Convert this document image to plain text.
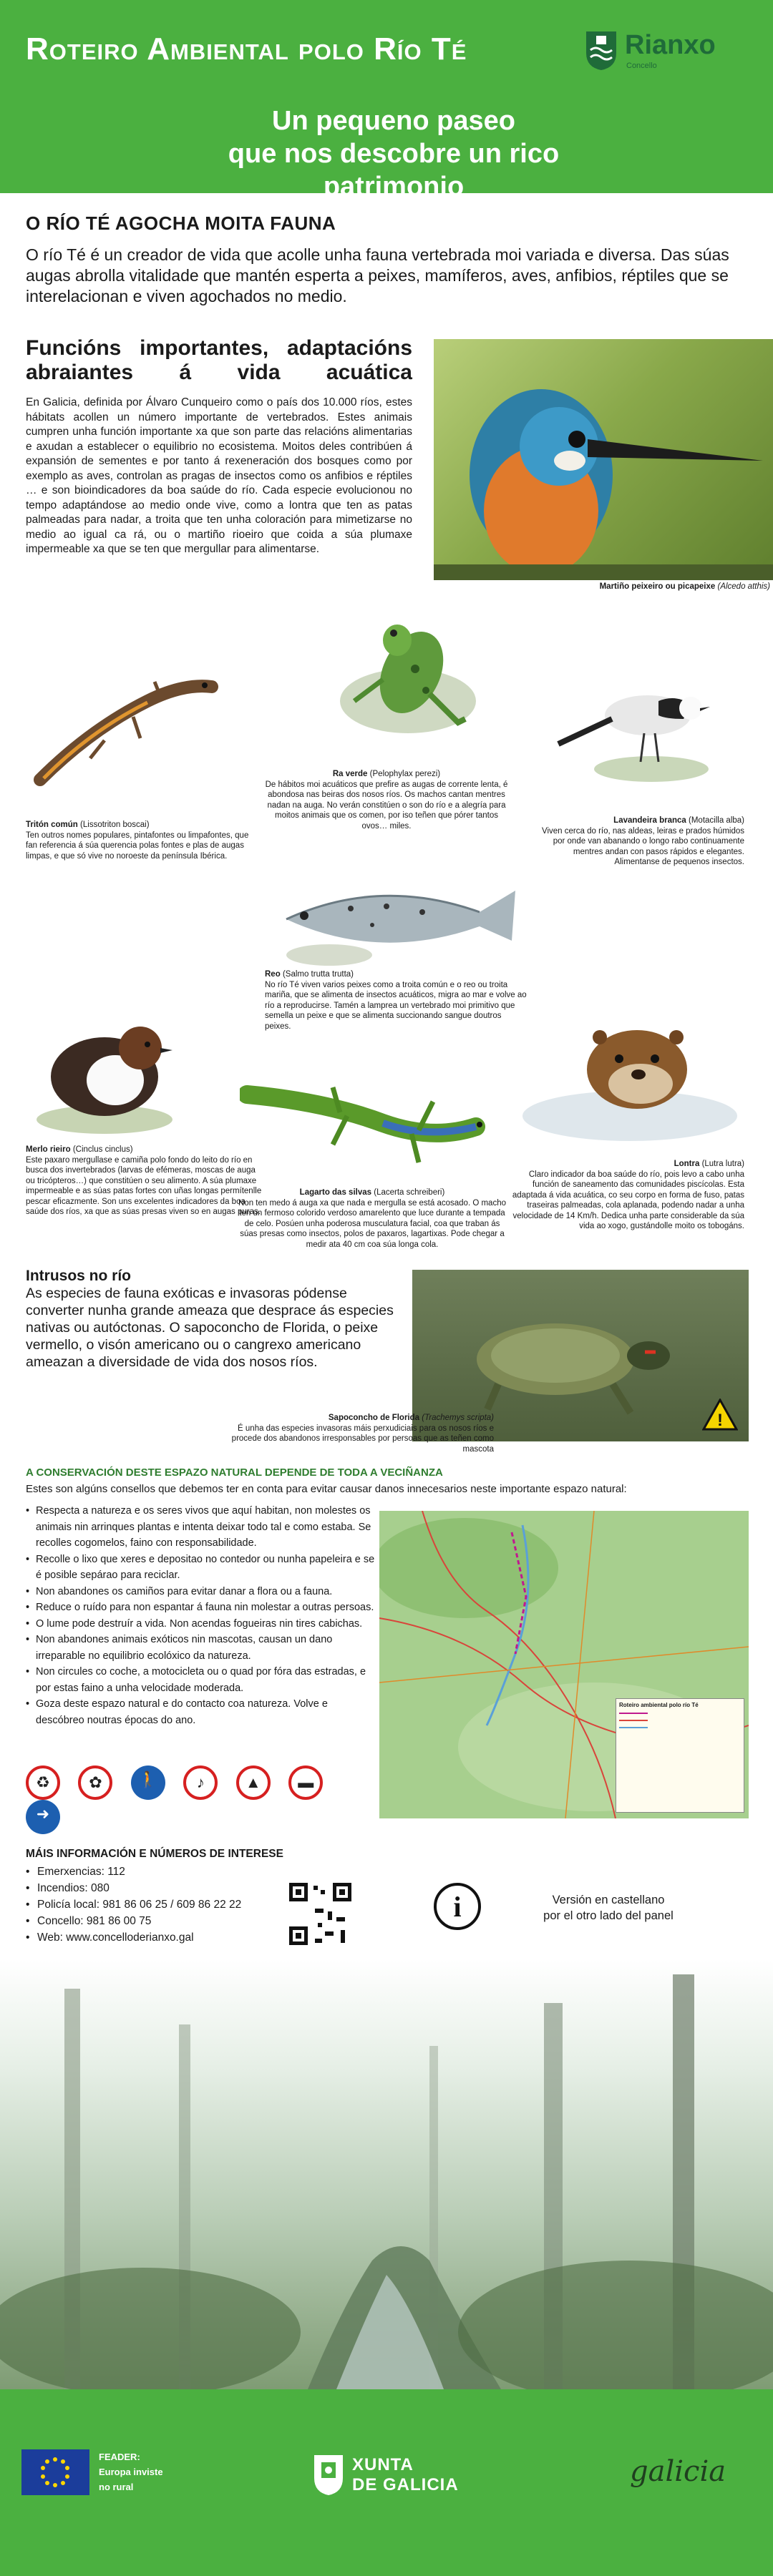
Roteiro Ambiental polo Río Té	Rianxo
Concello
Un pequeno paseo
que nos descobre un rico patrimonio
O RÍO TÉ AGOCHA MOITA FAUNA
O río Té é un creador de vida que acolle unha fauna vertebrada moi variada e diversa. Das súas augas abrolla vitalidade que mantén esperta a peixes, mamíferos, aves, anfibios, réptiles que se interelacionan e viven agochados no medio.
Funcións importantes, adaptacións abraiantes á vida acuática
En Galicia, definida por Álvaro Cunqueiro como o país dos 10.000 ríos, estes hábitats acollen un número importante de vertebrados. Estes animais cumpren unha función importante xa que son parte das relacións alimentarias e axudan a establecer o equilibrio no ecosistema. Moitos deles contribúen á expansión de sementes e por tanto á rexeneración dos bosques como por exemplo as aves, controlan as pragas de insectos como os anfibios e réptiles … e son bioindicadores da boa saúde do río. Cada especie evolucionou no tempo adaptándose ao medio onde vive, como a lontra que ten as patas palmeadas para nadar, a troita que ten unha coloración para mimetizarse no medio ao igual ca rá, ou o martiño rioeiro que coida a súa plumaxe impermeable xa que se ten que mergullar para alimentarse.
Martiño peixeiro ou picapeixe (Alcedo atthis)
Ra verde (Pelophylax perezi)
De hábitos moi acuáticos que prefire as augas de corrente lenta, é abondosa nas beiras dos nosos ríos. Os machos cantan mentres nadan na auga. No verán constitúen o son do río e a alegría para moitos animais que os comen, por iso teñen que pórer tantos ovos… miles.
Tritón común (Lissotriton boscai)
Ten outros nomes populares, pintafontes ou limpafontes, que fan referencia á súa querencia polas fontes e plas de augas limpas, e que só vive no noroeste da península Ibérica.
Lavandeira branca (Motacilla alba)
Viven cerca do río, nas aldeas, leiras e prados húmidos por onde van abanando o longo rabo continuamente mentres andan con pasos rápidos e elegantes. Alimentanse de pequenos insectos.
Reo (Salmo trutta trutta)
No río Té viven varios peixes como a troita común e o reo ou troita mariña, que se alimenta de insectos acuáticos, migra ao mar e volve ao río a reproducirse. Tamén a lamprea un vertebrado moi primitivo que semella un peixe e que se alimenta succionando sangue doutros peixes.
Merlo rieiro (Cinclus cinclus)
Este paxaro mergullase e camiña polo fondo do leito do río en busca dos invertebrados (larvas de efémeras, moscas de auga ou tricópteros…) que constitúen o seu alimento. A súa plumaxe impermeable e as súas patas fortes con uñas longas permítenlle pescar eficazmente. Son uns excelentes indicadores da boa saúde dos ríos, xa que as súas presas viven so en augas puras.
Lontra (Lutra lutra)
Claro indicador da boa saúde do río, pois levo a cabo unha función de saneamento das comunidades piscícolas. Esta adaptada á vida acuática, co seu corpo en forma de fuso, patas traseiras palmeadas, cola aplanada, podendo nadar a unha velocidade de 14 Km/h. Dedica unha parte considerable da súa vida ao xogo, gustándolle moito os tobogáns.
Lagarto das silvas (Lacerta schreiberi)
Non ten medo á auga xa que nada e mergulla se está acosado. O macho ten un fermoso colorido verdoso amarelento que luce durante a tempada de celo. Posúen unha poderosa musculatura facial, coa que traban ás súas presas como insectos, polos de paxaros, lagartixas. Pode chegar a medir ata 40 cm coa súa longa cola.
Intrusos no río
As especies de fauna exóticas e invasoras pódense converter nunha grande ameaza que desprace ás especies nativas ou autóctonas. O sapoconcho de Florida, o peixe vermello, o visón americano ou o cangrexo americano ameazan a diversidade de vida dos nosos ríos.
!
Sapoconcho de Florida (Trachemys scripta)
É unha das especies invasoras máis perxudiciais para os nosos ríos e procede dos abandonos irresponsables por persoas que as teñen como mascota
A CONSERVACIÓN DESTE ESPAZO NATURAL DEPENDE DE TODA A VECIÑANZA
Estes son algúns consellos que debemos ter en conta para evitar causar danos innecesarios neste importante espazo natural:
• Respecta a natureza e os seres vivos que aquí habitan, non molestes os animais nin arrinques plantas e intenta deixar todo tal e como estaba. Se recolles cogomelos, faino con responsabilidade.
• Recolle o lixo que xeres e depositao no contedor ou nunha papeleira e se é posible sepárao para reciclar.
• Non abandones os camiños para evitar danar a flora ou a fauna.
• Reduce o ruído para non espantar á fauna nin molestar a outras persoas.
• O lume pode destruír a vida. Non acendas fogueiras nin tires cabichas.
• Non abandones animais exóticos nin mascotas, causan un dano irreparable no equilibrio ecolóxico da natureza.
• Non circules co coche, a motocicleta ou o quad por fóra das estradas, e por estas faino a unha velocidade moderada.
• Goza deste espazo natural e do contacto coa natureza. Volve e descóbreo noutras épocas do ano.
♻
	✿
	🚶
	♪
	▲
	▬

➜
Roteiro ambiental polo río Té
MÁIS INFORMACIÓN E NÚMEROS DE INTERESE
• Emerxencias: 112
• Incendios: 080
• Policía local: 981 86 06 25 / 609 86 22 22
• Concello: 981 86 00 75
• Web: www.concelloderianxo.gal
i	Versión en castellano
por el otro lado del panel
FEADER:
Europa inviste
no rural
XUNTA
DE GALICIA	galicia
